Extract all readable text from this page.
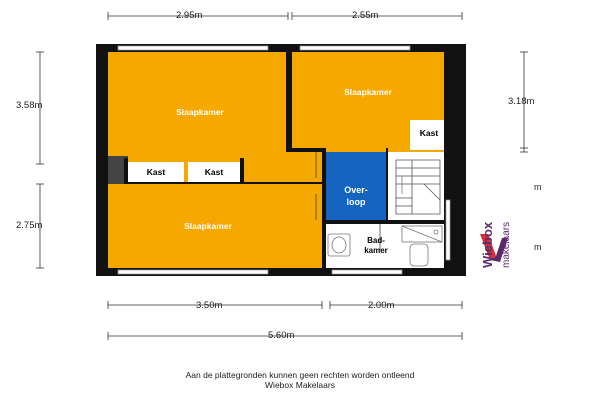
2.95m	2.55m
3.58m
2.75m
3.18m
3.50m	2.00m
5.60m
Slaapkamer
Slaapkamer
Slaapkamer
Kast
Kast	Kast
Over-
loop
Bad-
kamer
m
m
Wiebox makelaars
Aan de plattegronden kunnen geen rechten worden ontleend
Wiebox Makelaars
